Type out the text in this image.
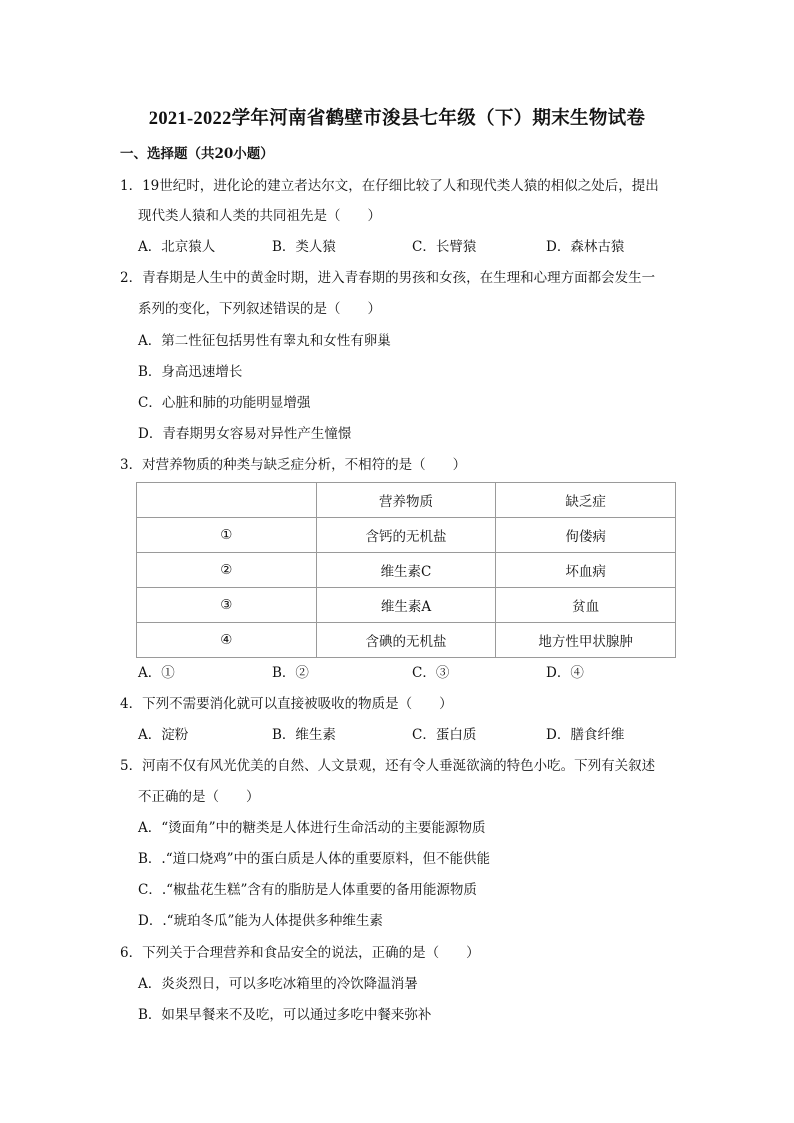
2021-2022学年河南省鹤壁市浚县七年级（下）期末生物试卷
一、选择题（共20小题）
1．19世纪时，进化论的建立者达尔文，在仔细比较了人和现代类人猿的相似之处后，提出
现代类人猿和人类的共同祖先是（　　）
A．北京猿人	B．类人猿	C．长臂猿	D．森林古猿
2．青春期是人生中的黄金时期，进入青春期的男孩和女孩，在生理和心理方面都会发生一
系列的变化，下列叙述错误的是（　　）
A．第二性征包括男性有睾丸和女性有卵巢
B．身高迅速增长
C．心脏和肺的功能明显增强
D．青春期男女容易对异性产生憧憬
3．对营养物质的种类与缺乏症分析，不相符的是（　　）
	营养物质	缺乏症
①	含钙的无机盐	佝偻病
②	维生素C	坏血病
③	维生素A	贫血
④	含碘的无机盐	地方性甲状腺肿
A．①	B．②	C．③	D．④
4．下列不需要消化就可以直接被吸收的物质是（　　）
A．淀粉	B．维生素	C．蛋白质	D．膳食纤维
5．河南不仅有风光优美的自然、人文景观，还有令人垂涎欲滴的特色小吃。下列有关叙述
不正确的是（　　）
A．“烫面角”中的糖类是人体进行生命活动的主要能源物质
B．.“道口烧鸡”中的蛋白质是人体的重要原料，但不能供能
C．.“椒盐花生糕”含有的脂肪是人体重要的备用能源物质
D．.“琥珀冬瓜”能为人体提供多种维生素
6．下列关于合理营养和食品安全的说法，正确的是（　　）
A．炎炎烈日，可以多吃冰箱里的冷饮降温消暑
B．如果早餐来不及吃，可以通过多吃中餐来弥补
